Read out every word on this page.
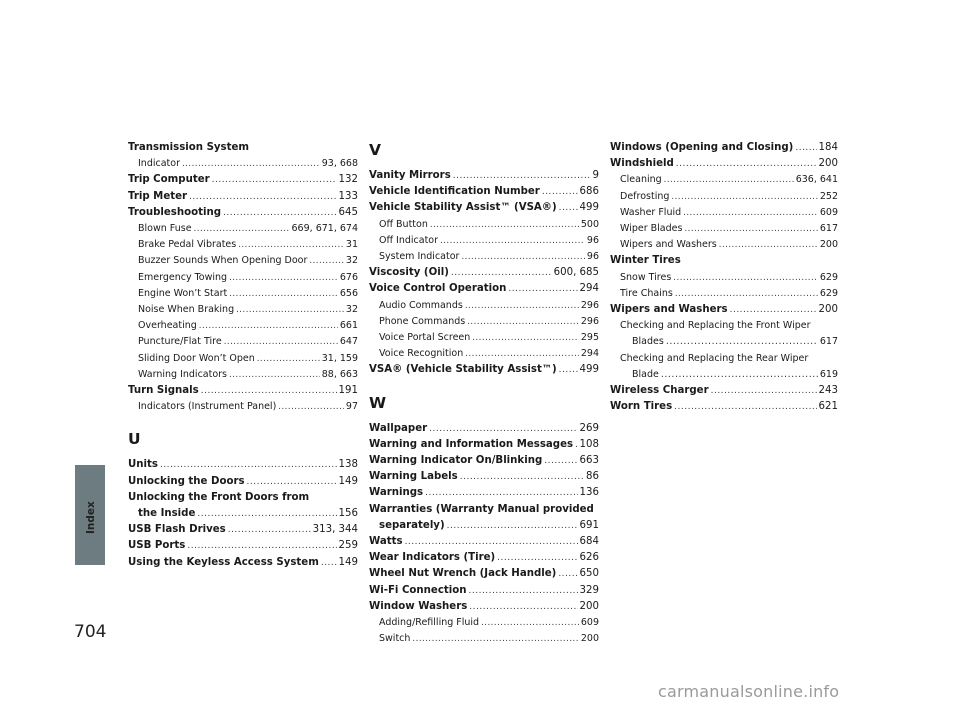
Index
704
Transmission System
Indicator .....	93, 668
Trip Computer .....	132
Trip Meter .....	133
Troubleshooting .....	645
Blown Fuse .....	669, 671, 674
Brake Pedal Vibrates .....	31
Buzzer Sounds When Opening Door .....	32
Emergency Towing .....	676
Engine Won’t Start .....	656
Noise When Braking .....	32
Overheating .....	661
Puncture/Flat Tire .....	647
Sliding Door Won’t Open .....	31, 159
Warning Indicators .....	88, 663
Turn Signals .....	191
Indicators (Instrument Panel) .....	97
U
Units .....	138
Unlocking the Doors .....	149
Unlocking the Front Doors from
the Inside .....	156
USB Flash Drives .....	313, 344
USB Ports .....	259
Using the Keyless Access System ..... 149
V
Vanity Mirrors .....	9
Vehicle Identification Number .....	686
Vehicle Stability Assist™ (VSA®) ..... 499
Off Button .....	500
Off Indicator .....	96
System Indicator .....	96
Viscosity (Oil) .....	600, 685
Voice Control Operation .....	294
Audio Commands .....	296
Phone Commands .....	296
Voice Portal Screen .....	295
Voice Recognition .....	294
VSA® (Vehicle Stability Assist™) ..... 499
W
Wallpaper .....	269
Warning and Information Messages ..... 108
Warning Indicator On/Blinking .....	663
Warning Labels .....	86
Warnings .....	136
Warranties (Warranty Manual provided
separately) .....	691
Watts .....	684
Wear Indicators (Tire) .....	626
Wheel Nut Wrench (Jack Handle) ..... 650
Wi-Fi Connection .....	329
Window Washers .....	200
Adding/Refilling Fluid .....	609
Switch .....	200
Windows (Opening and Closing) ..... 184
Windshield .....	200
Cleaning .....	636, 641
Defrosting .....	252
Washer Fluid .....	609
Wiper Blades .....	617
Wipers and Washers .....	200
Winter Tires
Snow Tires .....	629
Tire Chains .....	629
Wipers and Washers .....	200
Checking and Replacing the Front Wiper
Blades .....	617
Checking and Replacing the Rear Wiper
Blade .....	619
Wireless Charger .....	243
Worn Tires .....	621
carmanualsonline.info
